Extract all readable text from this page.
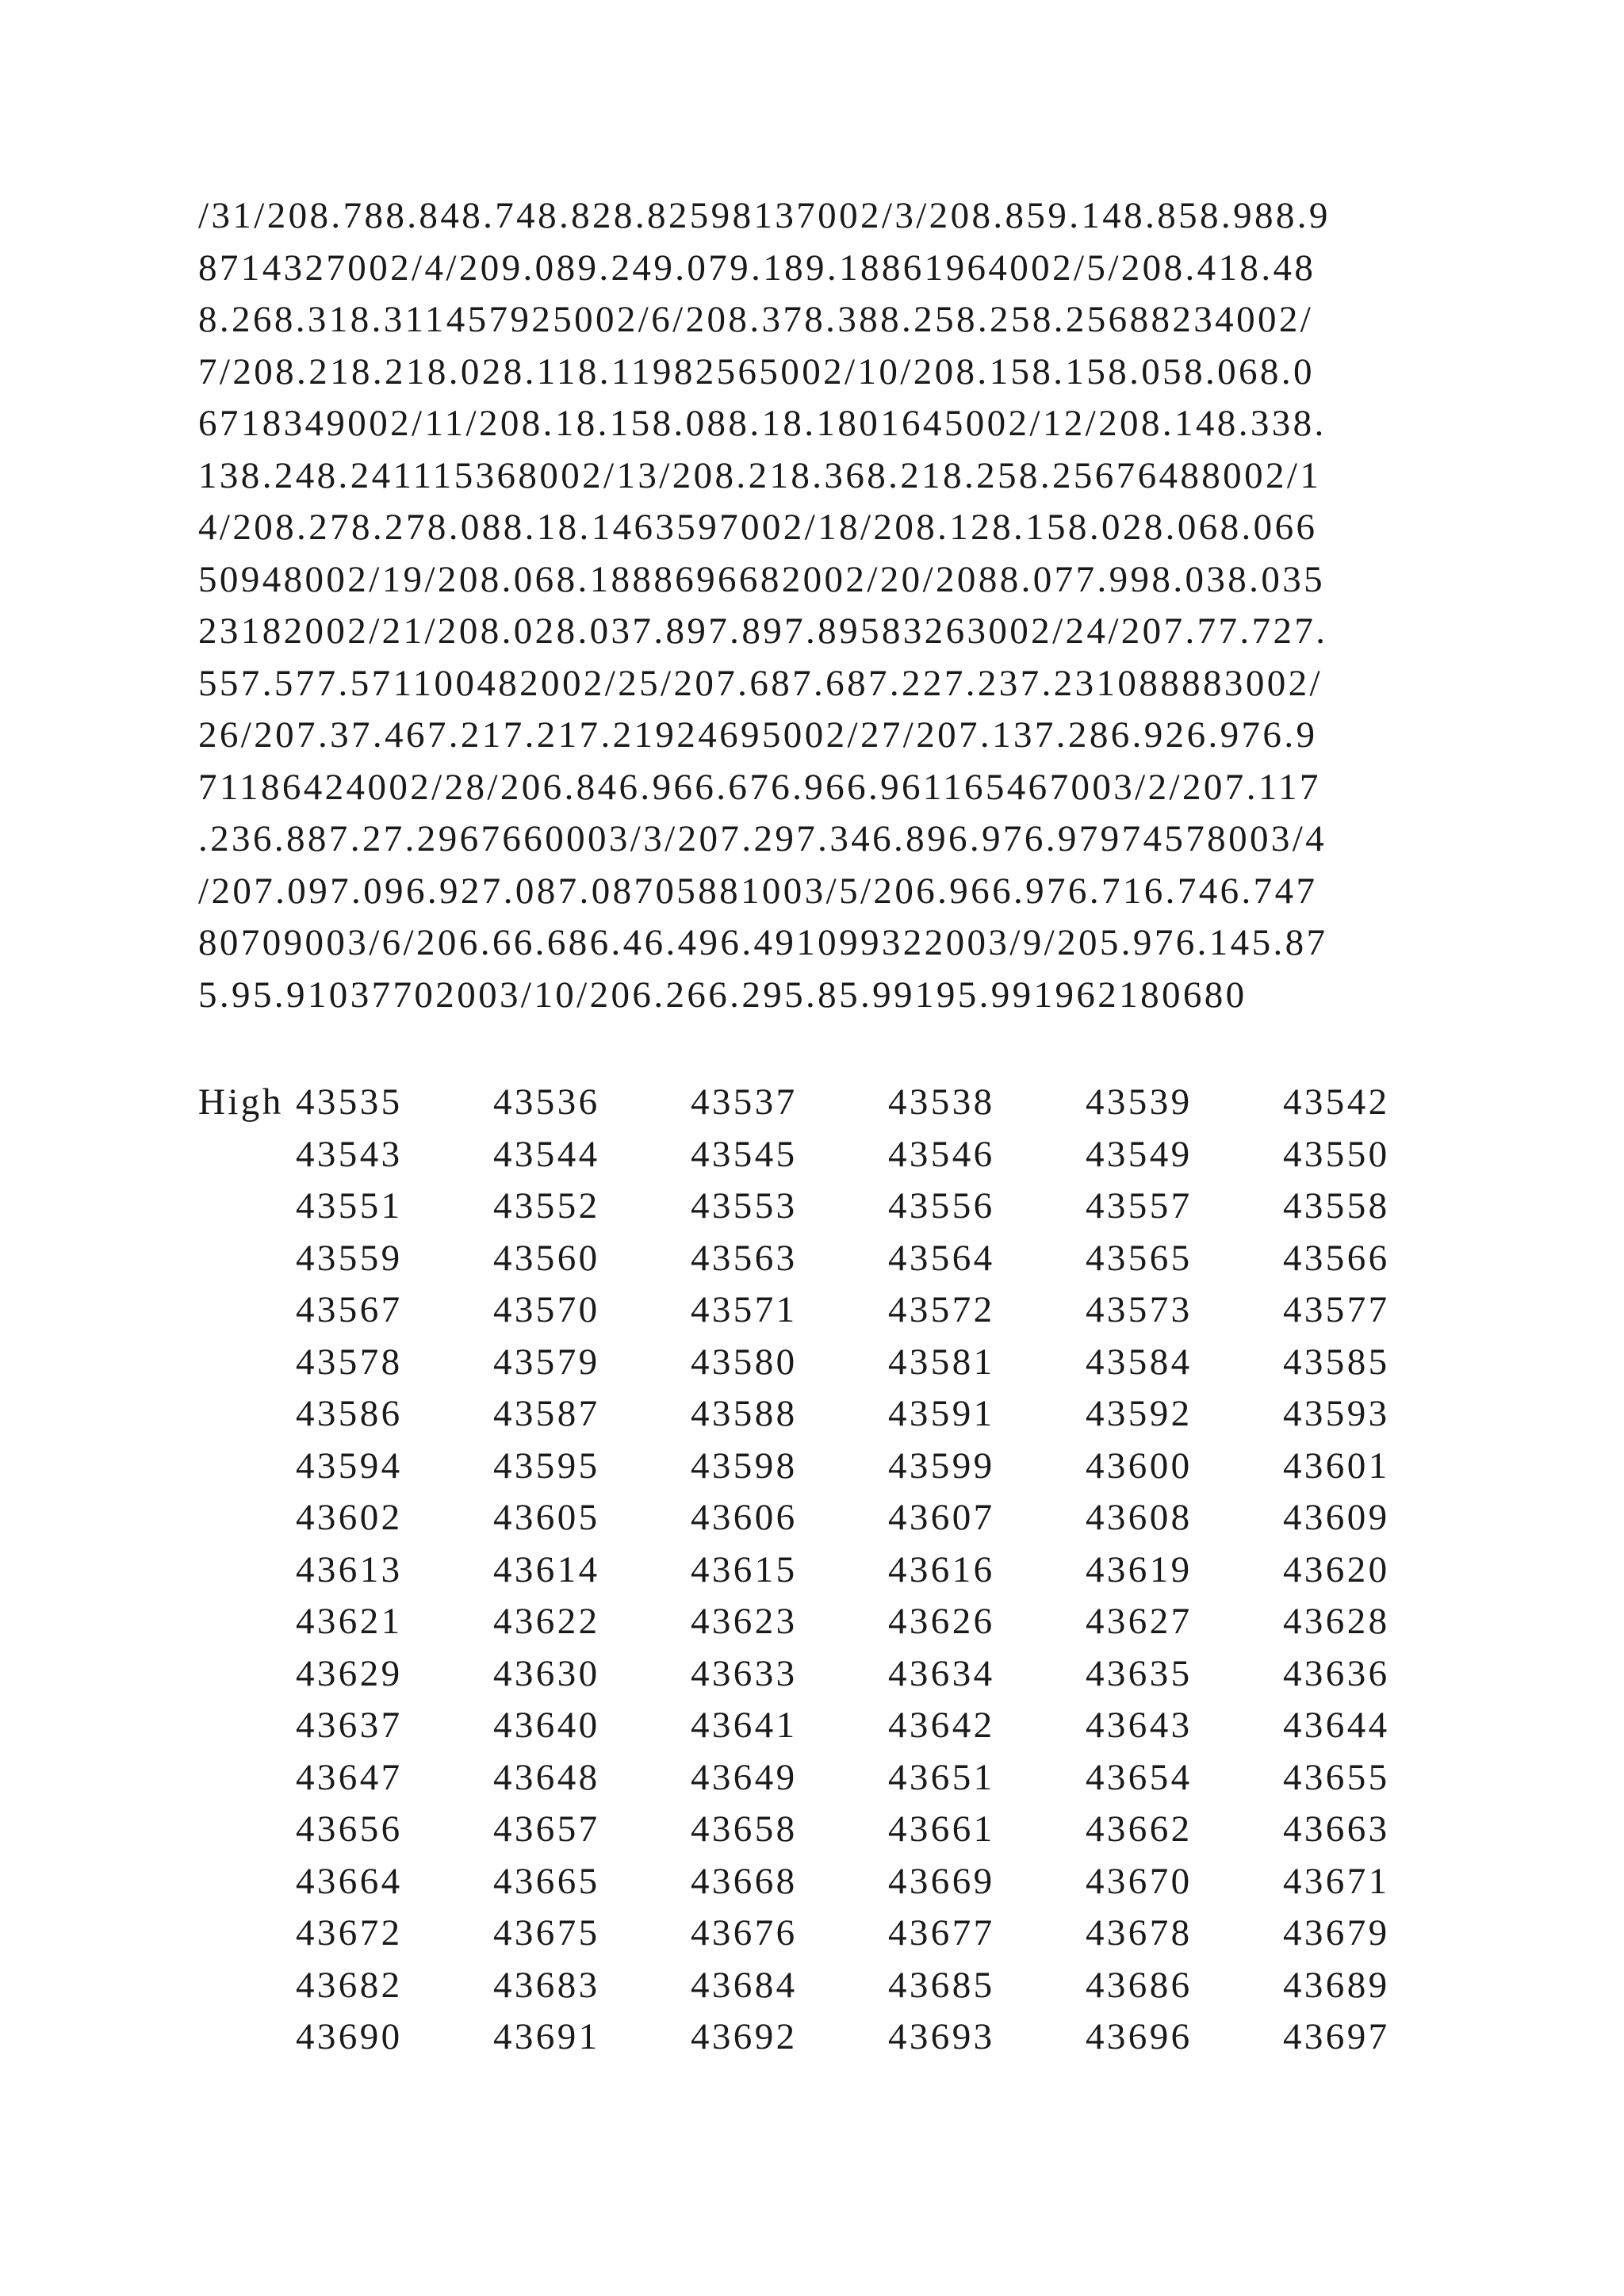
/31/208.788.848.748.828.82598137002/3/208.859.148.858.988.9
8714327002/4/209.089.249.079.189.18861964002/5/208.418.48
8.268.318.311457925002/6/208.378.388.258.258.25688234002/
7/208.218.218.028.118.11982565002/10/208.158.158.058.068.0
6718349002/11/208.18.158.088.18.1801645002/12/208.148.338.
138.248.241115368002/13/208.218.368.218.258.25676488002/1
4/208.278.278.088.18.1463597002/18/208.128.158.028.068.066
50948002/19/208.068.1888696682002/20/2088.077.998.038.035
23182002/21/208.028.037.897.897.89583263002/24/207.77.727.
557.577.571100482002/25/207.687.687.227.237.231088883002/
26/207.37.467.217.217.21924695002/27/207.137.286.926.976.9
71186424002/28/206.846.966.676.966.961165467003/2/207.117
.236.887.27.2967660003/3/207.297.346.896.976.97974578003/4
/207.097.096.927.087.08705881003/5/206.966.976.716.746.747
80709003/6/206.66.686.46.496.491099322003/9/205.976.145.87
5.95.91037702003/10/206.266.295.85.99195.991962180680
High 43535 43536 43537 43538 43539 43542
43543 43544 43545 43546 43549 43550
43551 43552 43553 43556 43557 43558
43559 43560 43563 43564 43565 43566
43567 43570 43571 43572 43573 43577
43578 43579 43580 43581 43584 43585
43586 43587 43588 43591 43592 43593
43594 43595 43598 43599 43600 43601
43602 43605 43606 43607 43608 43609
43613 43614 43615 43616 43619 43620
43621 43622 43623 43626 43627 43628
43629 43630 43633 43634 43635 43636
43637 43640 43641 43642 43643 43644
43647 43648 43649 43651 43654 43655
43656 43657 43658 43661 43662 43663
43664 43665 43668 43669 43670 43671
43672 43675 43676 43677 43678 43679
43682 43683 43684 43685 43686 43689
43690 43691 43692 43693 43696 43697
